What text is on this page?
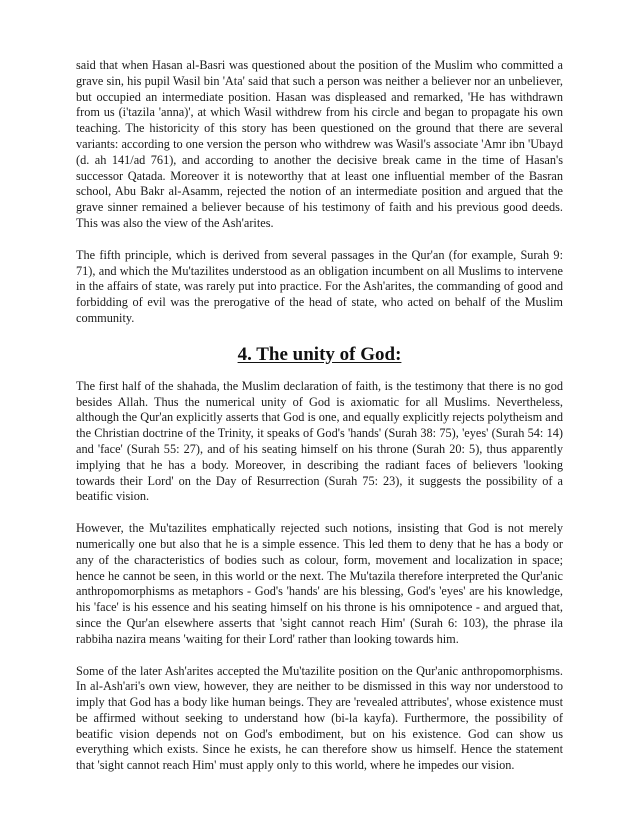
said that when Hasan al-Basri was questioned about the position of the Muslim who committed a grave sin, his pupil Wasil bin 'Ata' said that such a person was neither a believer nor an unbeliever, but occupied an intermediate position. Hasan was displeased and remarked, 'He has withdrawn from us (i'tazila 'anna)', at which Wasil withdrew from his circle and began to propagate his own teaching. The historicity of this story has been questioned on the ground that there are several variants: according to one version the person who withdrew was Wasil's associate 'Amr ibn 'Ubayd (d. ah 141/ad 761), and according to another the decisive break came in the time of Hasan's successor Qatada. Moreover it is noteworthy that at least one influential member of the Basran school, Abu Bakr al-Asamm, rejected the notion of an intermediate position and argued that the grave sinner remained a believer because of his testimony of faith and his previous good deeds. This was also the view of the Ash'arites.

The fifth principle, which is derived from several passages in the Qur'an (for example, Surah 9: 71), and which the Mu'tazilites understood as an obligation incumbent on all Muslims to intervene in the affairs of state, was rarely put into practice. For the Ash'arites, the commanding of good and forbidding of evil was the prerogative of the head of state, who acted on behalf of the Muslim community.

4. The unity of God:

The first half of the shahada, the Muslim declaration of faith, is the testimony that there is no god besides Allah. Thus the numerical unity of God is axiomatic for all Muslims. Nevertheless, although the Qur'an explicitly asserts that God is one, and equally explicitly rejects polytheism and the Christian doctrine of the Trinity, it speaks of God's 'hands' (Surah 38: 75), 'eyes' (Surah 54: 14) and 'face' (Surah 55: 27), and of his seating himself on his throne (Surah 20: 5), thus apparently implying that he has a body. Moreover, in describing the radiant faces of believers 'looking towards their Lord' on the Day of Resurrection (Surah 75: 23), it suggests the possibility of a beatific vision.

However, the Mu'tazilites emphatically rejected such notions, insisting that God is not merely numerically one but also that he is a simple essence. This led them to deny that he has a body or any of the characteristics of bodies such as colour, form, movement and localization in space; hence he cannot be seen, in this world or the next. The Mu'tazila therefore interpreted the Qur'anic anthropomorphisms as metaphors - God's 'hands' are his blessing, God's 'eyes' are his knowledge, his 'face' is his essence and his seating himself on his throne is his omnipotence - and argued that, since the Qur'an elsewhere asserts that 'sight cannot reach Him' (Surah 6: 103), the phrase ila rabbiha nazira means 'waiting for their Lord' rather than looking towards him.

Some of the later Ash'arites accepted the Mu'tazilite position on the Qur'anic anthropomorphisms. In al-Ash'ari's own view, however, they are neither to be dismissed in this way nor understood to imply that God has a body like human beings. They are 'revealed attributes', whose existence must be affirmed without seeking to understand how (bi-la kayfa). Furthermore, the possibility of beatific vision depends not on God's embodiment, but on his existence. God can show us everything which exists. Since he exists, he can therefore show us himself. Hence the statement that 'sight cannot reach Him' must apply only to this world, where he impedes our vision.
